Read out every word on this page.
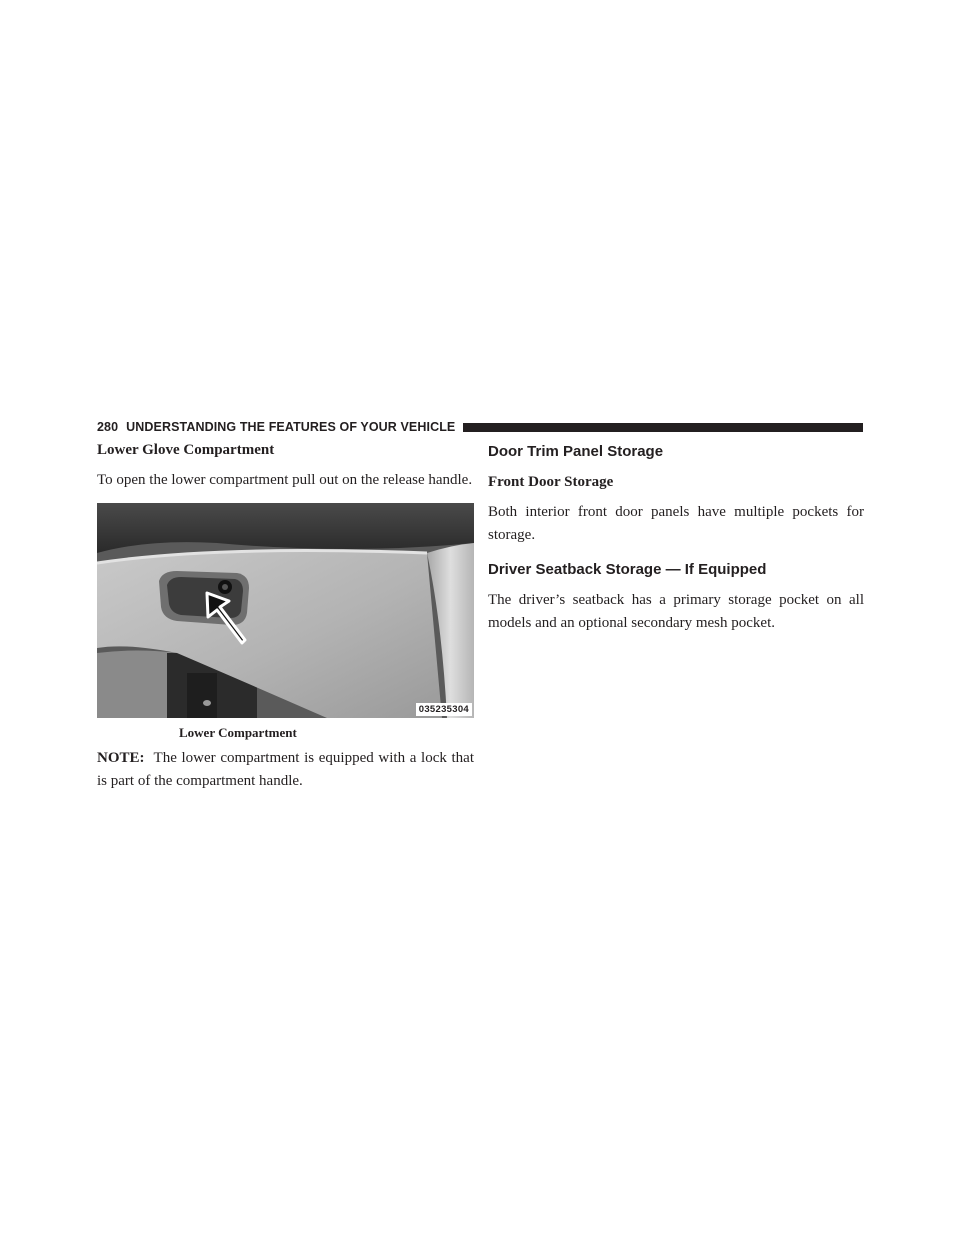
280 UNDERSTANDING THE FEATURES OF YOUR VEHICLE
Lower Glove Compartment

To open the lower compartment pull out on the release handle.

035235304

Lower Compartment

NOTE: The lower compartment is equipped with a lock that is part of the compartment handle.

Door Trim Panel Storage
Front Door Storage

Both interior front door panels have multiple pockets for storage.

Driver Seatback Storage — If Equipped

The driver’s seatback has a primary storage pocket on all models and an optional secondary mesh pocket.
